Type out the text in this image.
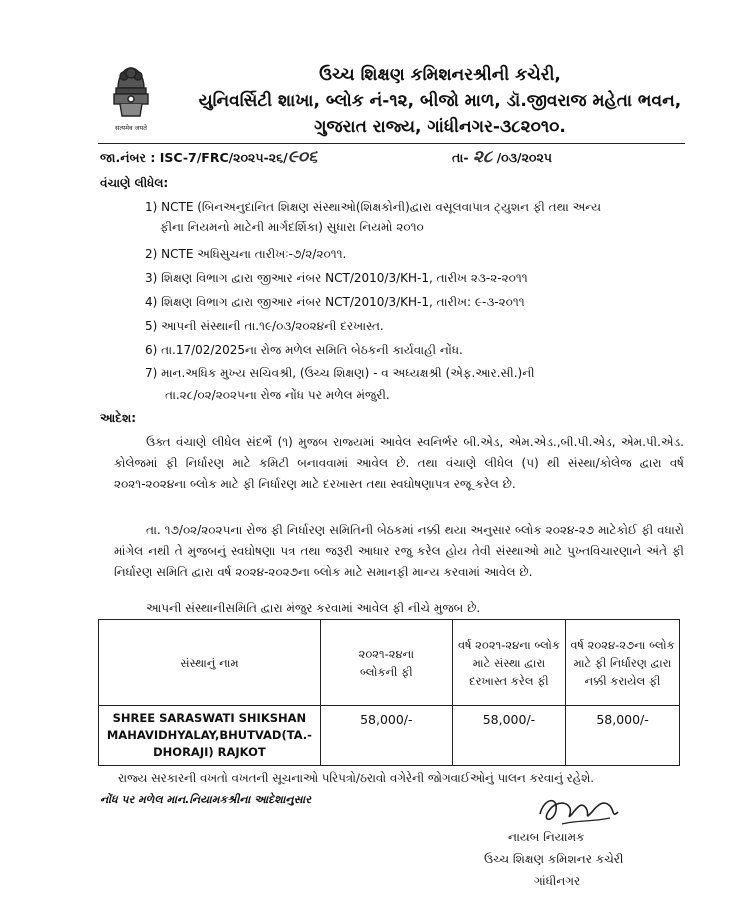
सत्यमेव जयते
ઉચ્ચ શિક્ષણ કમિશનરશ્રીની કચેરી,
યુનિવર્સિટી શાખા, બ્લોક નં-૧૨, બીજો માળ, ડૉ.જીવરાજ મહેતા ભવન,
ગુજરાત રાજ્ય, ગાંધીનગર-૩૮૨૦૧૦.
જા.નંબર : ISC-7/FRC/૨૦૨૫-૨૬/૯૦૬	તા- ૨૮ /૦૩/૨૦૨૫
વંચાણે લીધેલ:
1) NCTE (બિનઅનુદાનિત શિક્ષણ સંસ્થાઓ(શિક્ષકોની)દ્વારા વસૂલવાપાત્ર ટ્યુશન ફી તથા અન્ય
ફીના નિયમનો માટેની માર્ગદર્શિકા) સુધારા નિયમો ૨૦૧૦
2) NCTE અધિસુચના તારીખઃ-૭/૨/૨૦૧૧.
3) શિક્ષણ વિભાગ દ્વારા જીઆર નંબર NCT/2010/3/KH-1, તારીખ ૨૩-૨-૨૦૧૧
4) શિક્ષણ વિભાગ દ્વારા જીઆર નંબર NCT/2010/3/KH-1, તારીખ: ૯-૩-૨૦૧૧
5) આપની સંસ્થાની તા.૧૯/૦૩/૨૦૨૪ની દરખાસ્ત.
6) તા.17/02/2025ના રોજ મળેલ સમિતિ બેઠકની કાર્યવાહી નોંધ.
7) માન.અધિક મુખ્ય સચિવશ્રી, (ઉચ્ચ શિક્ષણ) - વ અધ્યક્ષશ્રી (એફ.આર.સી.)ની
તા.૨૮/૦૨/૨૦૨૫ના રોજ નોંધ પર મળેલ મંજુરી.
આદેશ:
ઉક્ત વંચાણે લીધેલ સંદર્ભે (૧) મુજબ રાજ્યમાં આવેલ સ્વનિર્ભર બી.એડ, એમ.એડ.,બી.પી.એડ, એમ.પી.એડ. કોલેજમાં ફી નિર્ધારણ માટે કમિટી બનાવવામાં આવેલ છે. તથા વંચાણે લીધેલ (૫) થી સંસ્થા/કોલેજ દ્વારા વર્ષ ૨૦૨૧-૨૦૨૪ના બ્લોક માટે ફી નિર્ધારણ માટે દરખાસ્ત તથા સ્વઘોષણાપત્ર રજૂ કરેલ છે.
તા. ૧૭/૦૨/૨૦૨૫ના રોજ ફી નિર્ધારણ સમિતિની બેઠકમાં નક્કી થયા અનુસાર બ્લોક ૨૦૨૪-૨૭ માટેકોઈ ફી વધારો માંગેલ નથી તે મુજબનું સ્વઘોષણા પત્ર તથા જરૂરી આધાર રજુ કરેલ હોય તેવી સંસ્થાઓ માટે પુખ્તવિચારણાને અંતે ફી નિર્ધારણ સમિતિ દ્વારા વર્ષ ૨૦૨૪-૨૦૨૭ના બ્લોક માટે સમાનફી માન્ય કરવામાં આવેલ છે.
આપની સંસ્થાનીસમિતિ દ્વારા મંજુર કરવામાં આવેલ ફી નીચે મુજબ છે.
સંસ્થાનું નામ	૨૦૨૧-૨૪ના બ્લોકની ફી	વર્ષ ૨૦૨૧-૨૪ના બ્લોક માટે સંસ્થા દ્વારા દરખાસ્ત કરેલ ફી	વર્ષ ૨૦૨૪-૨૭ના બ્લોક માટે ફી નિર્ધારણ દ્વારા નક્કી કરાયેલ ફી
SHREE SARASWATI SHIKSHAN MAHAVIDHYALAY,BHUTVAD(TA.-DHORAJI) RAJKOT	58,000/-	58,000/-	58,000/-
રાજ્ય સરકારની વખતો વખતની સૂચનાઓ પરિપત્રો/ઠરાવો વગેરેની જોગવાઈઓનું પાલન કરવાનું રહેશે.
નોંધ પર મળેલ માન.નિયામકશ્રીના આદેશાનુસાર
નાયબ નિયામક
ઉચ્ચ શિક્ષણ કમિશનર કચેરી
ગાંધીનગર
